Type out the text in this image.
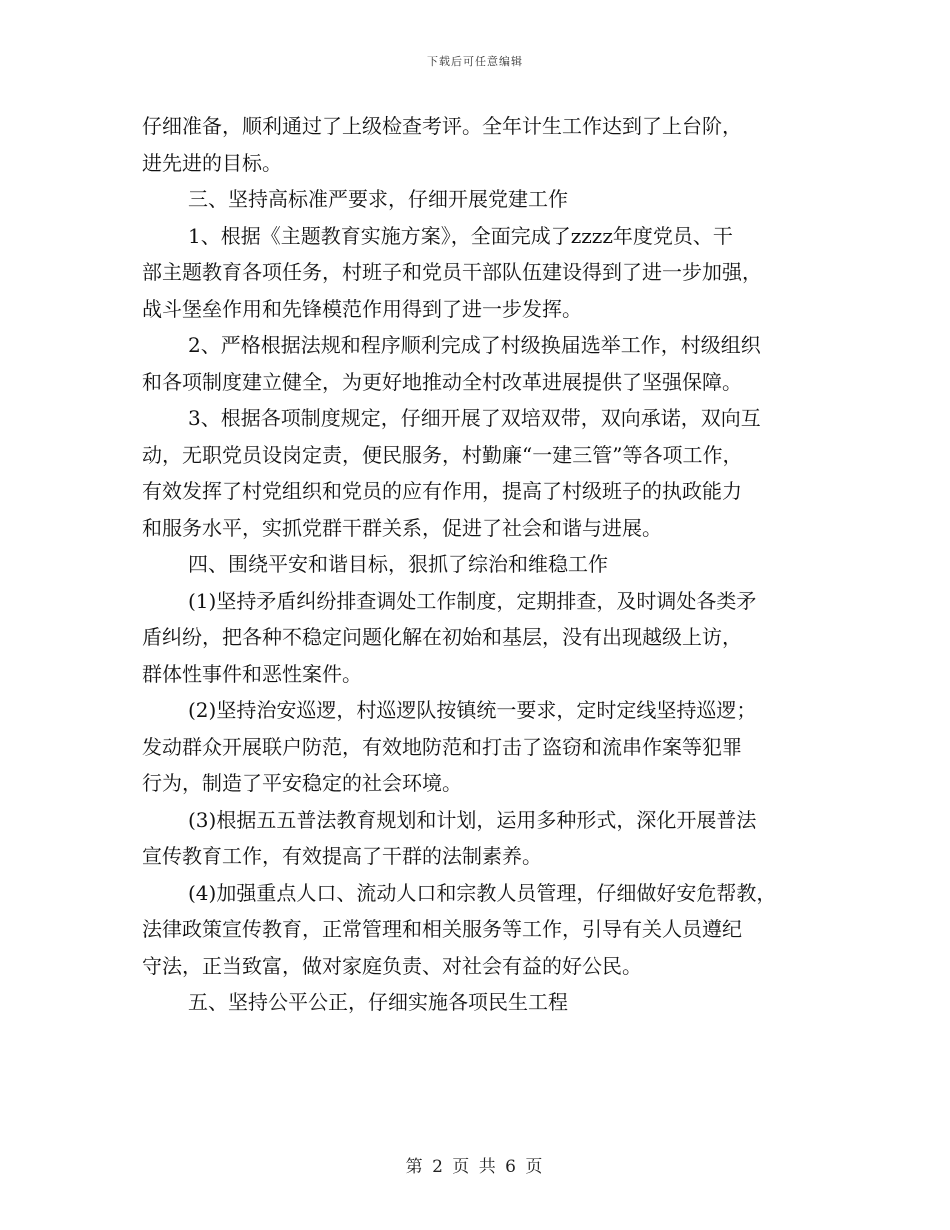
下载后可任意编辑
仔细准备，顺利通过了上级检查考评。全年计生工作达到了上台阶，
进先进的目标。
三、坚持高标准严要求，仔细开展党建工作
1、根据《主题教育实施方案》，全面完成了zzzz年度党员、干
部主题教育各项任务，村班子和党员干部队伍建设得到了进一步加强，
战斗堡垒作用和先锋模范作用得到了进一步发挥。
2、严格根据法规和程序顺利完成了村级换届选举工作，村级组织
和各项制度建立健全，为更好地推动全村改革进展提供了坚强保障。
3、根据各项制度规定，仔细开展了双培双带，双向承诺，双向互
动，无职党员设岗定责，便民服务，村勤廉“一建三管”等各项工作，
有效发挥了村党组织和党员的应有作用，提高了村级班子的执政能力
和服务水平，实抓党群干群关系，促进了社会和谐与进展。
四、围绕平安和谐目标，狠抓了综治和维稳工作
(1)坚持矛盾纠纷排查调处工作制度，定期排查，及时调处各类矛
盾纠纷，把各种不稳定问题化解在初始和基层，没有出现越级上访，
群体性事件和恶性案件。
(2)坚持治安巡逻，村巡逻队按镇统一要求，定时定线坚持巡逻；
发动群众开展联户防范，有效地防范和打击了盗窃和流串作案等犯罪
行为，制造了平安稳定的社会环境。
(3)根据五五普法教育规划和计划，运用多种形式，深化开展普法
宣传教育工作，有效提高了干群的法制素养。
(4)加强重点人口、流动人口和宗教人员管理，仔细做好安危帮教，
法律政策宣传教育，正常管理和相关服务等工作，引导有关人员遵纪
守法，正当致富，做对家庭负责、对社会有益的好公民。
五、坚持公平公正，仔细实施各项民生工程
第 2 页 共 6 页
